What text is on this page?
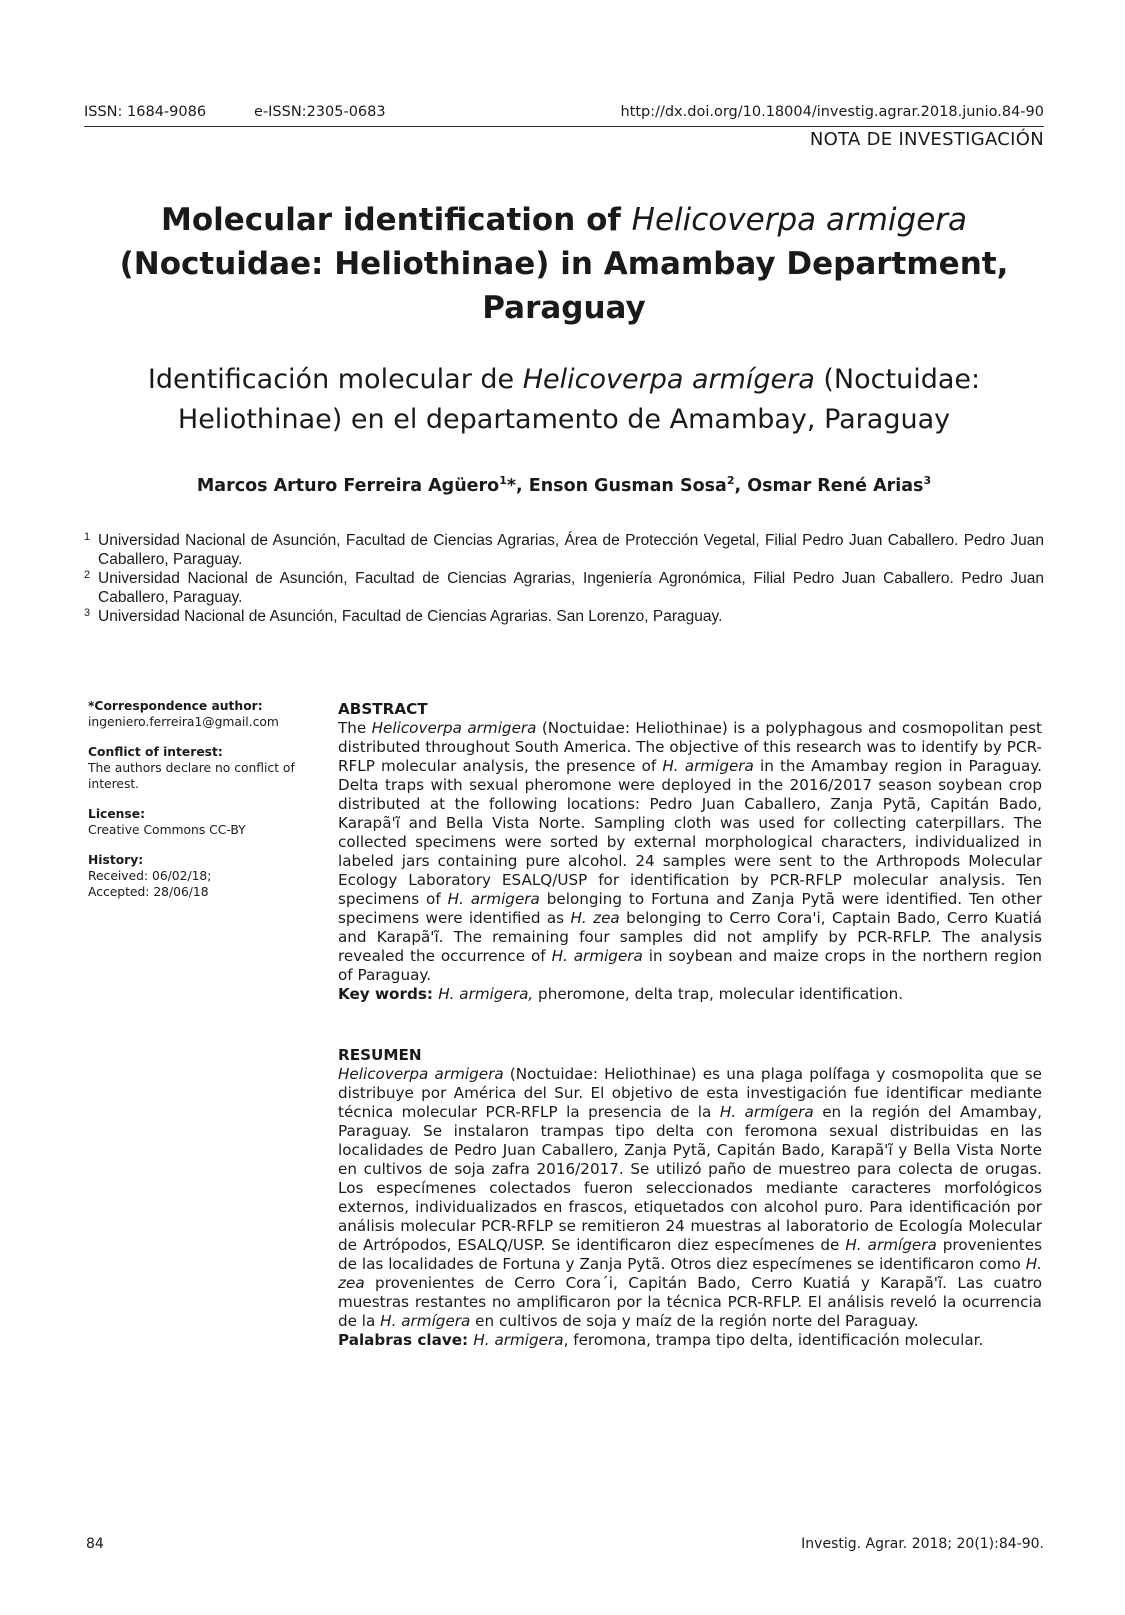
ISSN: 1684-9086	e-ISSN:2305-0683	http://dx.doi.org/10.18004/investig.agrar.2018.junio.84-90
NOTA DE INVESTIGACIÓN
Molecular identification of Helicoverpa armigera
(Noctuidae: Heliothinae) in Amambay Department,
Paraguay
Identificación molecular de Helicoverpa armígera (Noctuidae:
Heliothinae) en el departamento de Amambay, Paraguay
Marcos Arturo Ferreira Agüero$^1$*, Enson Gusman Sosa$^2$, Osmar René Arias$^3$
1 Universidad Nacional de Asunción, Facultad de Ciencias Agrarias, Área de Protección Vegetal, Filial Pedro Juan Caballero. Pedro Juan Caballero, Paraguay.
2 Universidad Nacional de Asunción, Facultad de Ciencias Agrarias, Ingeniería Agronómica, Filial Pedro Juan Caballero. Pedro Juan Caballero, Paraguay.
3 Universidad Nacional de Asunción, Facultad de Ciencias Agrarias. San Lorenzo, Paraguay.
*Correspondence author:
ingeniero.ferreira1@gmail.com
Conflict of interest:
The authors declare no conflict of interest.
License:
Creative Commons CC-BY
History:
Received: 06/02/18;
Accepted: 28/06/18
ABSTRACT
The Helicoverpa armigera (Noctuidae: Heliothinae) is a polyphagous and cosmopolitan pest distributed throughout South America. The objective of this research was to identify by PCR-RFLP molecular analysis, the presence of H. armigera in the Amambay region in Paraguay. Delta traps with sexual pheromone were deployed in the 2016/2017 season soybean crop distributed at the following locations: Pedro Juan Caballero, Zanja Pytã, Capitán Bado, Karapã'ĩ and Bella Vista Norte. Sampling cloth was used for collecting caterpillars. The collected specimens were sorted by external morphological characters, individualized in labeled jars containing pure alcohol. 24 samples were sent to the Arthropods Molecular Ecology Laboratory ESALQ/USP for identification by PCR-RFLP molecular analysis. Ten specimens of H. armigera belonging to Fortuna and Zanja Pytã were identified. Ten other specimens were identified as H. zea belonging to Cerro Cora'i, Captain Bado, Cerro Kuatiá and Karapã'ĩ. The remaining four samples did not amplify by PCR-RFLP. The analysis revealed the occurrence of H. armigera in soybean and maize crops in the northern region of Paraguay.
Key words: H. armigera, pheromone, delta trap, molecular identification.
RESUMEN
Helicoverpa armigera (Noctuidae: Heliothinae) es una plaga polífaga y cosmopolita que se distribuye por América del Sur. El objetivo de esta investigación fue identificar mediante técnica molecular PCR-RFLP la presencia de la H. armígera en la región del Amambay, Paraguay. Se instalaron trampas tipo delta con feromona sexual distribuidas en las localidades de Pedro Juan Caballero, Zanja Pytã, Capitán Bado, Karapã'ĩ y Bella Vista Norte en cultivos de soja zafra 2016/2017. Se utilizó paño de muestreo para colecta de orugas. Los especímenes colectados fueron seleccionados mediante caracteres morfológicos externos, individualizados en frascos, etiquetados con alcohol puro. Para identificación por análisis molecular PCR-RFLP se remitieron 24 muestras al laboratorio de Ecología Molecular de Artrópodos, ESALQ/USP. Se identificaron diez especímenes de H. armígera provenientes de las localidades de Fortuna y Zanja Pytã. Otros diez especímenes se identificaron como H. zea provenientes de Cerro Cora´i, Capitán Bado, Cerro Kuatiá y Karapã'ĩ. Las cuatro muestras restantes no amplificaron por la técnica PCR-RFLP. El análisis reveló la ocurrencia de la H. armígera en cultivos de soja y maíz de la región norte del Paraguay.
Palabras clave: H. armigera, feromona, trampa tipo delta, identificación molecular.
84	Investig. Agrar. 2018; 20(1):84-90.
